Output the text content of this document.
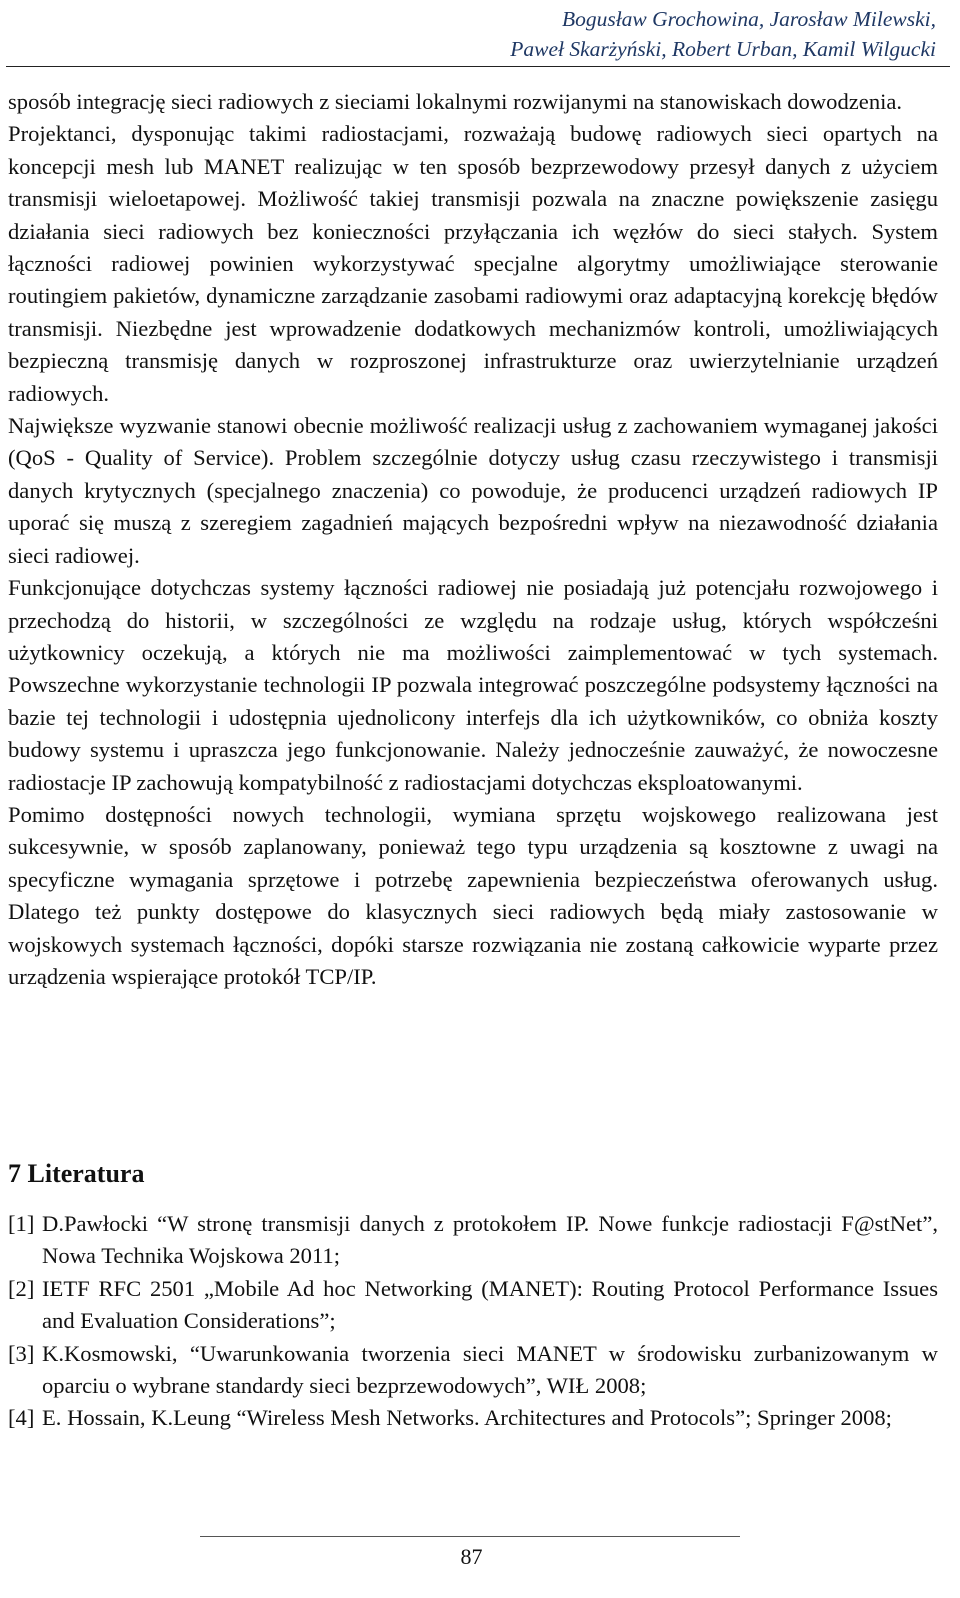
Bogusław Grochowina, Jarosław Milewski,
Paweł Skarżyński, Robert Urban, Kamil Wilgucki

sposób integrację sieci radiowych z sieciami lokalnymi rozwijanymi na stanowiskach dowodzenia.

Projektanci, dysponując takimi radiostacjami, rozważają budowę radiowych sieci opartych na koncepcji mesh lub MANET realizując w ten sposób bezprzewodowy przesył danych z użyciem transmisji wieloetapowej. Możliwość takiej transmisji pozwala na znaczne powiększenie zasięgu działania sieci radiowych bez konieczności przyłączania ich węzłów do sieci stałych. System łączności radiowej powinien wykorzystywać specjalne algorytmy umożliwiające sterowanie routingiem pakietów, dynamiczne zarządzanie zasobami radiowymi oraz adaptacyjną korekcję błędów transmisji. Niezbędne jest wprowadzenie dodatkowych mechanizmów kontroli, umożliwiających bezpieczną transmisję danych w rozproszonej infrastrukturze oraz uwierzytelnianie urządzeń radiowych.

Największe wyzwanie stanowi obecnie możliwość realizacji usług z zachowaniem wymaganej jakości (QoS - Quality of Service). Problem szczególnie dotyczy usług czasu rzeczywistego i transmisji danych krytycznych (specjalnego znaczenia) co powoduje, że producenci urządzeń radiowych IP uporać się muszą z szeregiem zagadnień mających bezpośredni wpływ na niezawodność działania sieci radiowej.

Funkcjonujące dotychczas systemy łączności radiowej nie posiadają już potencjału rozwojowego i przechodzą do historii, w szczególności ze względu na rodzaje usług, których współcześni użytkownicy oczekują, a których nie ma możliwości zaimplementować w tych systemach. Powszechne wykorzystanie technologii IP pozwala integrować poszczególne podsystemy łączności na bazie tej technologii i udostępnia ujednolicony interfejs dla ich użytkowników, co obniża koszty budowy systemu i upraszcza jego funkcjonowanie. Należy jednocześnie zauważyć, że nowoczesne radiostacje IP zachowują kompatybilność z radiostacjami dotychczas eksploatowanymi.

Pomimo dostępności nowych technologii, wymiana sprzętu wojskowego realizowana jest sukcesywnie, w sposób zaplanowany, ponieważ tego typu urządzenia są kosztowne z uwagi na specyficzne wymagania sprzętowe i potrzebę zapewnienia bezpieczeństwa oferowanych usług. Dlatego też punkty dostępowe do klasycznych sieci radiowych będą miały zastosowanie w wojskowych systemach łączności, dopóki starsze rozwiązania nie zostaną całkowicie wyparte przez urządzenia wspierające protokół TCP/IP.

7 Literatura
[1] D.Pawłocki “W stronę transmisji danych z protokołem IP. Nowe funkcje radiostacji F@stNet”, Nowa Technika Wojskowa 2011;
[2] IETF RFC 2501 „Mobile Ad hoc Networking (MANET): Routing Protocol Performance Issues and Evaluation Considerations”;
[3] K.Kosmowski, “Uwarunkowania tworzenia sieci MANET w środowisku zurbanizowanym w oparciu o wybrane standardy sieci bezprzewodowych”, WIŁ 2008;
[4] E. Hossain, K.Leung “Wireless Mesh Networks. Architectures and Protocols”; Springer 2008;
87
